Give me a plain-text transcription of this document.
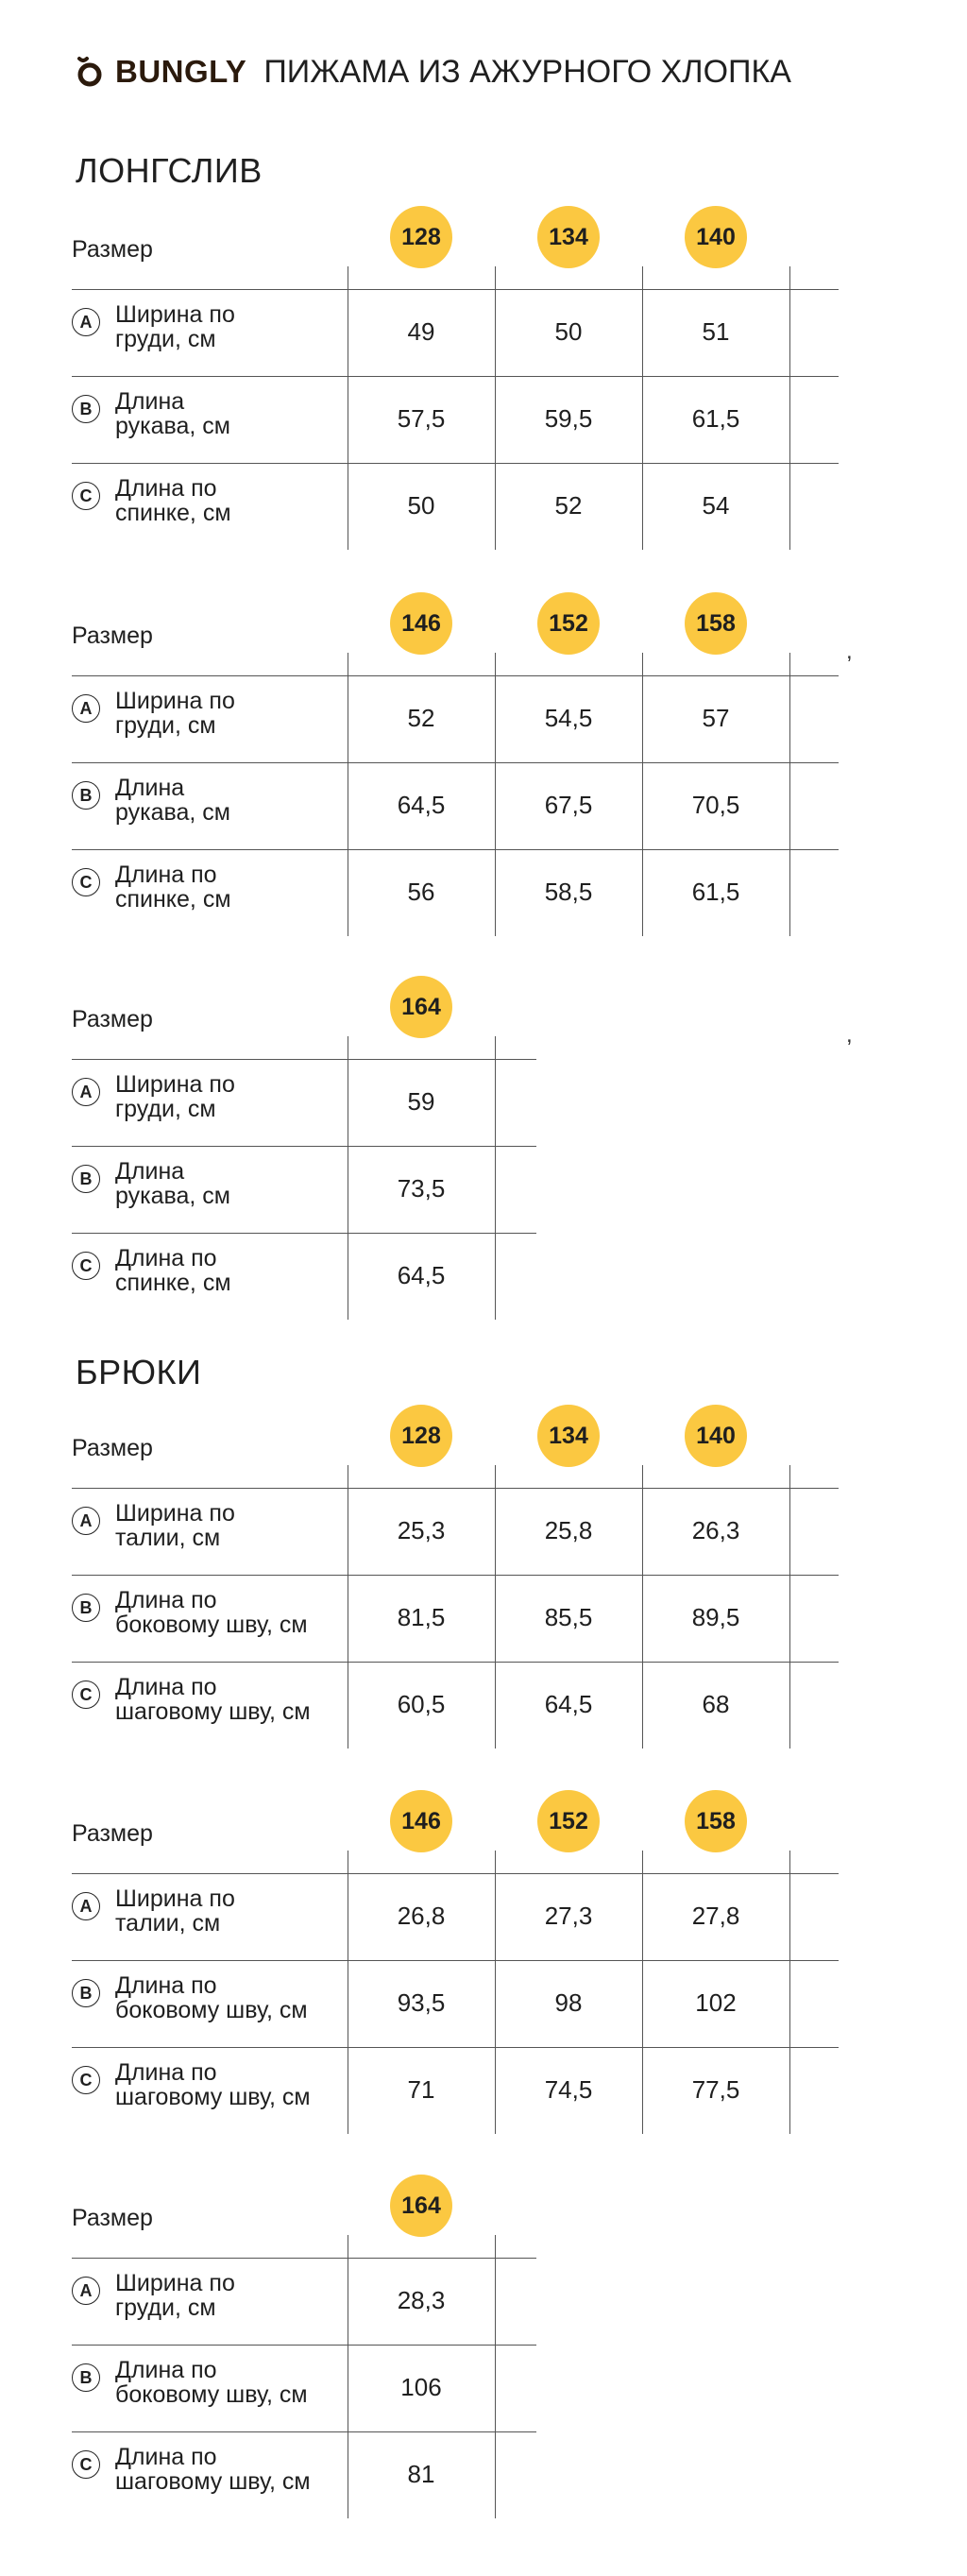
BUNGLY ПИЖАМА ИЗ АЖУРНОГО ХЛОПКА
ЛОНГСЛИВ
Размер	128	134	140
A Ширина по
груди, см	49	50	51
B Длина
рукава, см	57,5	59,5	61,5
C Длина по
спинке, см	50	52	54
Размер	146	152	158
A Ширина по
груди, см	52	54,5	57
B Длина
рукава, см	64,5	67,5	70,5
C Длина по
спинке, см	56	58,5	61,5
Размер	164
A Ширина по
груди, см	59
B Длина
рукава, см	73,5
C Длина по
спинке, см	64,5
БРЮКИ
Размер	128	134	140
A Ширина по
талии, см	25,3	25,8	26,3
B Длина по
боковому шву, см	81,5	85,5	89,5
C Длина по
шаговому шву, см	60,5	64,5	68
Размер	146	152	158
A Ширина по
талии, см	26,8	27,3	27,8
B Длина по
боковому шву, см	93,5	98	102
C Длина по
шаговому шву, см	71	74,5	77,5
Размер	164
A Ширина по
груди, см	28,3
B Длина по
боковому шву, см	106
C Длина по
шаговому шву, см	81
,
,
